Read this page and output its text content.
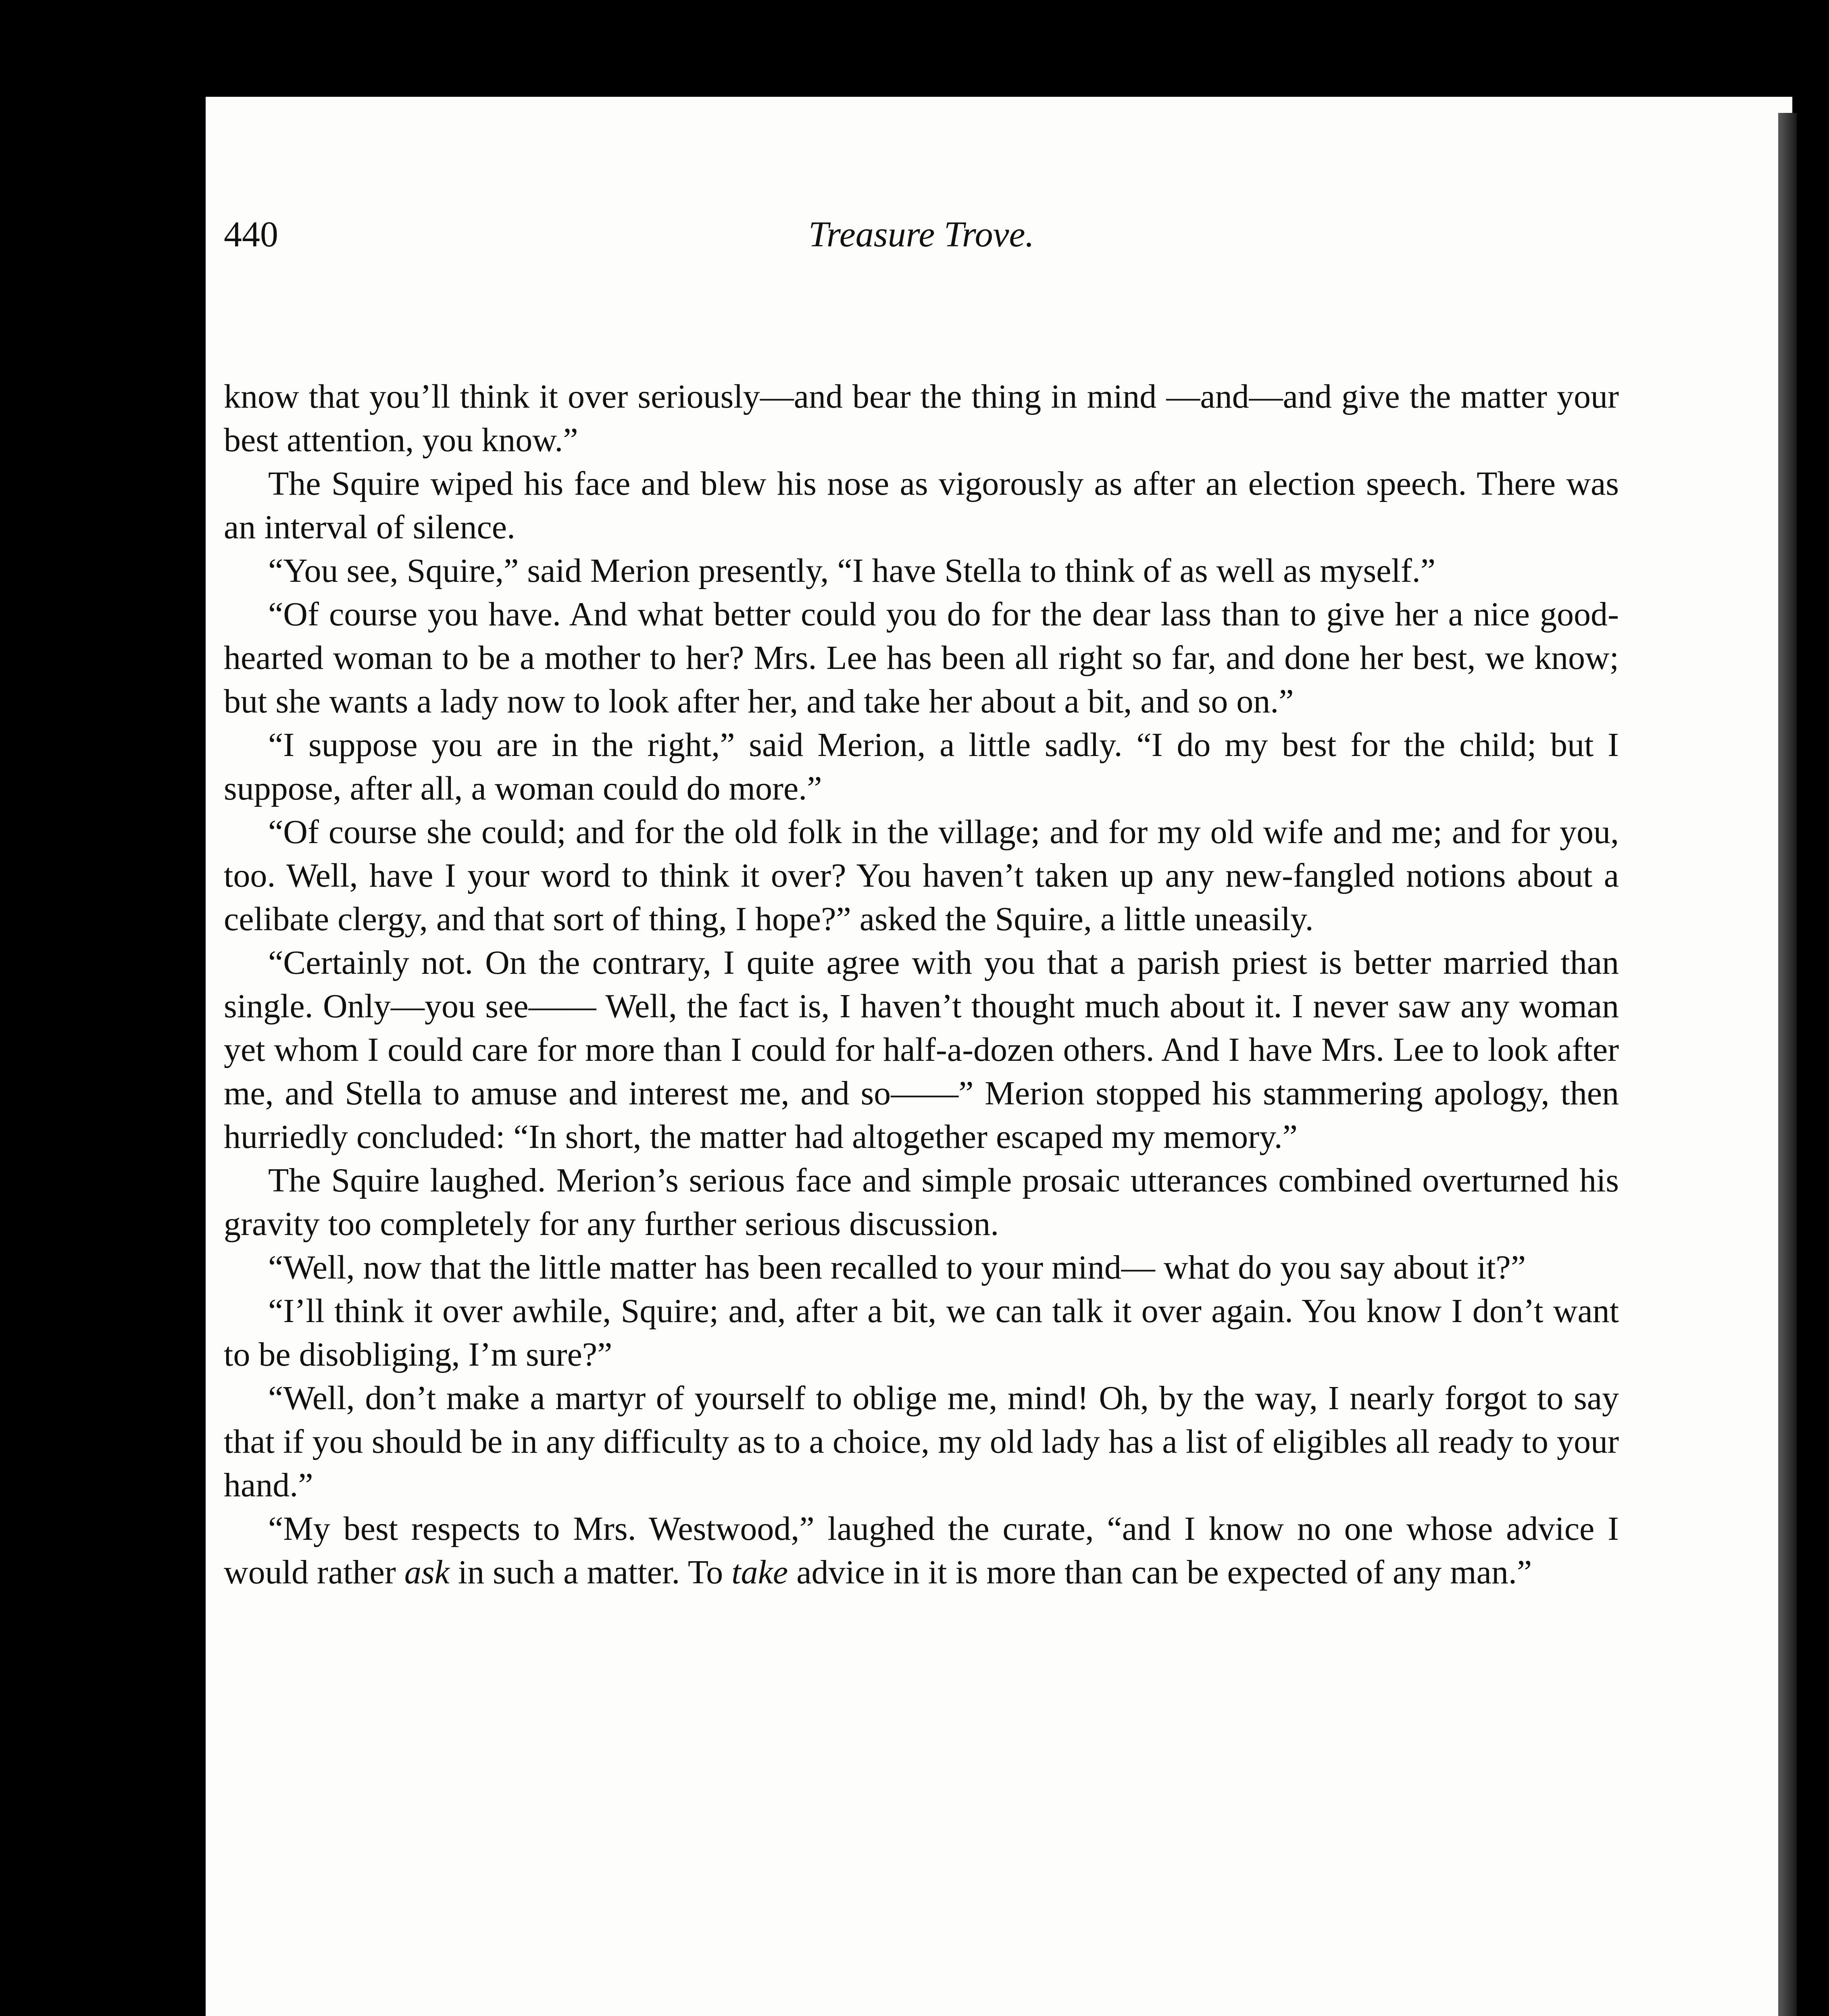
440	Treasure Trove.

know that you’ll think it over seriously—and bear the thing in mind —and—and give the matter your best attention, you know.”

The Squire wiped his face and blew his nose as vigorously as after an election speech. There was an interval of silence.

“You see, Squire,” said Merion presently, “I have Stella to think of as well as myself.”

“Of course you have. And what better could you do for the dear lass than to give her a nice good-hearted woman to be a mother to her? Mrs. Lee has been all right so far, and done her best, we know; but she wants a lady now to look after her, and take her about a bit, and so on.”

“I suppose you are in the right,” said Merion, a little sadly. “I do my best for the child; but I suppose, after all, a woman could do more.”

“Of course she could; and for the old folk in the village; and for my old wife and me; and for you, too. Well, have I your word to think it over? You haven’t taken up any new-fangled notions about a celibate clergy, and that sort of thing, I hope?” asked the Squire, a little uneasily.

“Certainly not. On the contrary, I quite agree with you that a parish priest is better married than single. Only—you see—— Well, the fact is, I haven’t thought much about it. I never saw any woman yet whom I could care for more than I could for half-a-dozen others. And I have Mrs. Lee to look after me, and Stella to amuse and interest me, and so——” Merion stopped his stammering apology, then hurriedly concluded: “In short, the matter had altogether escaped my memory.”

The Squire laughed. Merion’s serious face and simple prosaic utterances combined overturned his gravity too completely for any further serious discussion.

“Well, now that the little matter has been recalled to your mind— what do you say about it?”

“I’ll think it over awhile, Squire; and, after a bit, we can talk it over again. You know I don’t want to be disobliging, I’m sure?”

“Well, don’t make a martyr of yourself to oblige me, mind! Oh, by the way, I nearly forgot to say that if you should be in any difficulty as to a choice, my old lady has a list of eligibles all ready to your hand.”

“My best respects to Mrs. Westwood,” laughed the curate, “and I know no one whose advice I would rather ask in such a matter. To take advice in it is more than can be expected of any man.”
